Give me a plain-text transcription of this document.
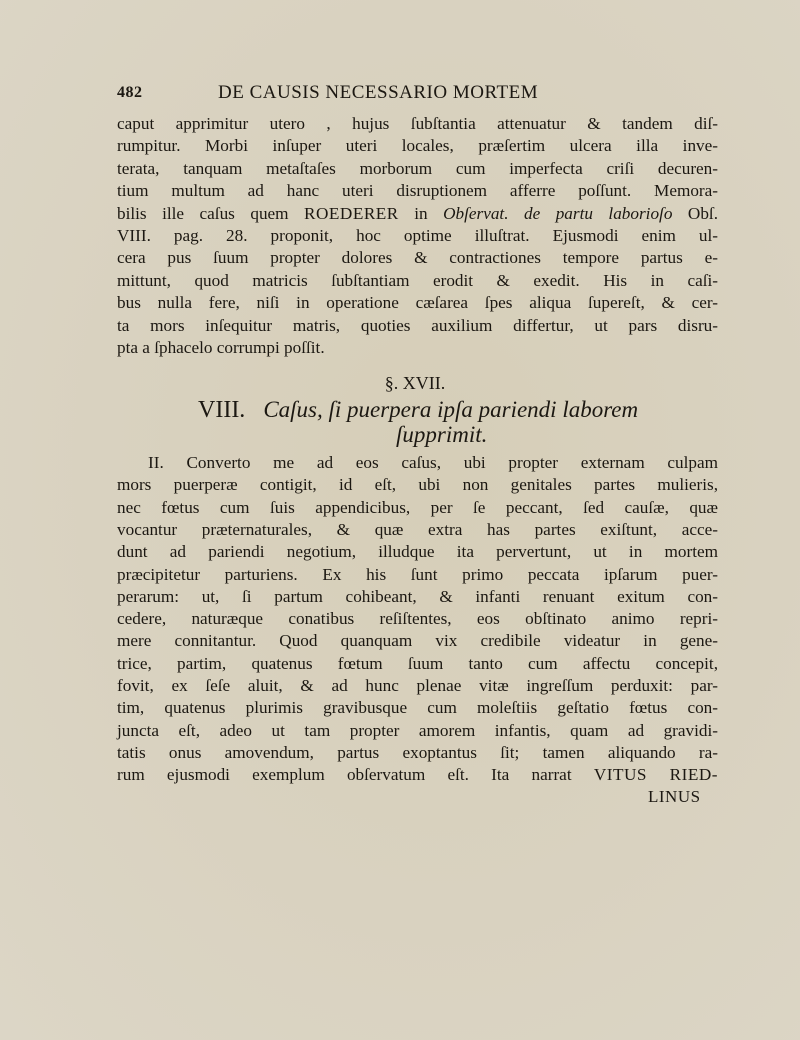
482	DE CAUSIS NECESSARIO MORTEM
caput apprimitur utero , hujus ſubſtantia attenuatur & tandem diſ-
rumpitur. Morbi inſuper uteri locales, præſertim ulcera illa inve-
terata, tanquam metaſtaſes morborum cum imperfecta criſi decuren-
tium multum ad hanc uteri disruptionem afferre poſſunt. Memora-
bilis ille caſus quem ROEDERER in Obſervat. de partu laborioſo Obſ.
VIII. pag. 28. proponit, hoc optime illuſtrat. Ejusmodi enim ul-
cera pus ſuum propter dolores & contractiones tempore partus e-
mittunt, quod matricis ſubſtantiam erodit & exedit. His in caſi-
bus nulla fere, niſi in operatione cæſarea ſpes aliqua ſupereſt, & cer-
ta mors inſequitur matris, quoties auxilium differtur, ut pars disru-
pta a ſphacelo corrumpi poſſit.
§. XVII.
VIII. Caſus, ſi puerpera ipſa pariendi laborem
ſupprimit.
II. Converto me ad eos caſus, ubi propter externam culpam
mors puerperæ contigit, id eſt, ubi non genitales partes mulieris,
nec fœtus cum ſuis appendicibus, per ſe peccant, ſed cauſæ, quæ
vocantur præternaturales, & quæ extra has partes exiſtunt, acce-
dunt ad pariendi negotium, illudque ita pervertunt, ut in mortem
præcipitetur parturiens. Ex his ſunt primo peccata ipſarum puer-
perarum: ut, ſi partum cohibeant, & infanti renuant exitum con-
cedere, naturæque conatibus reſiſtentes, eos obſtinato animo repri-
mere connitantur. Quod quanquam vix credibile videatur in gene-
trice, partim, quatenus fœtum ſuum tanto cum affectu concepit,
fovit, ex ſeſe aluit, & ad hunc plenae vitæ ingreſſum perduxit: par-
tim, quatenus plurimis gravibusque cum moleſtiis geſtatio fœtus con-
juncta eſt, adeo ut tam propter amorem infantis, quam ad gravidi-
tatis onus amovendum, partus exoptantus ſit; tamen aliquando ra-
rum ejusmodi exemplum obſervatum eſt. Ita narrat VITUS RIED-
LINUS
